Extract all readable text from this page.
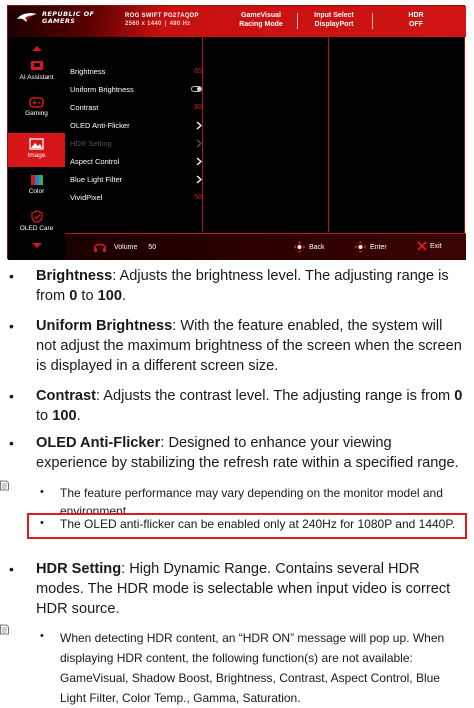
REPUBLIC OF
GAMERS
ROG SWIFT PG27AQDP
2560 x 1440 | 480 Hz
GameVisual
Racing Mode
Input Select
DisplayPort
HDR
OFF
AI Assistant
Gaming
Image
Color
OLED Care
Brightness	65
Uniform Brightness
Contrast	80
OLED Anti-Flicker
HDR Setting
Aspect Control
Blue Light Filter
VividPixel	50
Volume 50	Back	Enter	Exit
• Brightness: Adjusts the brightness level. The adjusting range is from 0 to 100.

• Uniform Brightness: With the feature enabled, the system will not adjust the maximum brightness of the screen when the screen is displayed in a different screen size.

• Contrast: Adjusts the contrast level. The adjusting range is from 0 to 100.

• OLED Anti-Flicker: Designed to enhance your viewing experience by stabilizing the refresh rate within a specified range.

• The feature performance may vary depending on the monitor model and environment.

• The OLED anti-flicker can be enabled only at 240Hz for 1080P and 1440P.

• HDR Setting: High Dynamic Range. Contains several HDR modes. The HDR mode is selectable when input video is correct HDR source.

• When detecting HDR content, an “HDR ON” message will pop up. When displaying HDR content, the following function(s) are not available: GameVisual, Shadow Boost, Brightness, Contrast, Aspect Control, Blue Light Filter, Color Temp., Gamma, Saturation.
